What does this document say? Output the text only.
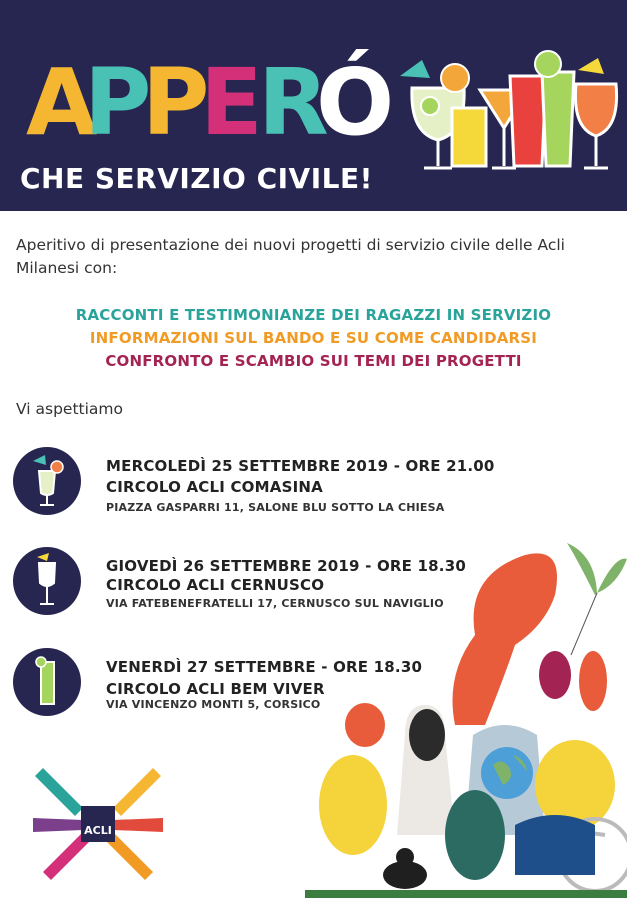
A
P
P
E
R
Ó
CHE SERVIZIO CIVILE!
Aperitivo di presentazione dei nuovi progetti di servizio civile delle Acli Milanesi con:
RACCONTI E TESTIMONIANZE DEI RAGAZZI IN SERVIZIO
INFORMAZIONI SUL BANDO E SU COME CANDIDARSI
CONFRONTO E SCAMBIO SUI TEMI DEI PROGETTI
Vi aspettiamo
MERCOLEDÌ 25 SETTEMBRE 2019 - ORE 21.00
CIRCOLO ACLI COMASINA
PIAZZA GASPARRI 11, SALONE BLU SOTTO LA CHIESA
GIOVEDÌ 26 SETTEMBRE 2019 - ORE 18.30
CIRCOLO ACLI CERNUSCO
VIA FATEBENEFRATELLI 17, CERNUSCO SUL NAVIGLIO
VENERDÌ 27 SETTEMBRE - ORE 18.30
CIRCOLO ACLI BEM VIVER
VIA VINCENZO MONTI 5, CORSICO
ACLI
